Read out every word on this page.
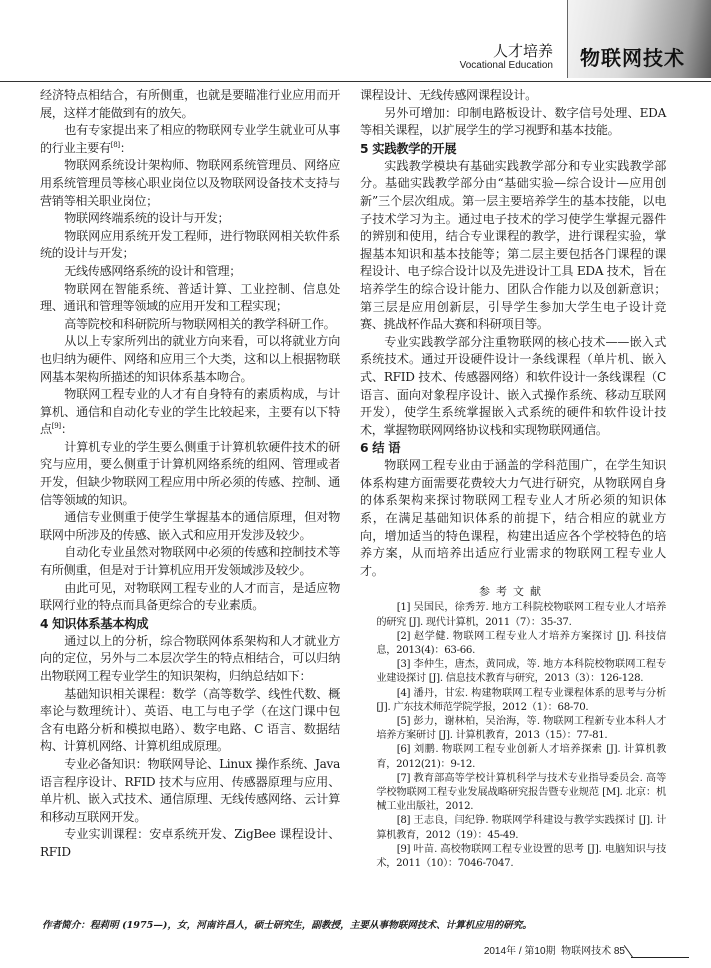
物联网技术
人才培养
Vocational Education

经济特点相结合，有所侧重，也就是要瞄准行业应用而开展，这样才能做到有的放矢。

也有专家提出来了相应的物联网专业学生就业可从事的行业主要有[8]：

物联网系统设计架构师、物联网系统管理员、网络应用系统管理员等核心职业岗位以及物联网设备技术支持与营销等相关职业岗位；

物联网终端系统的设计与开发；

物联网应用系统开发工程师，进行物联网相关软件系统的设计与开发；

无线传感网络系统的设计和管理；

物联网在智能系统、普适计算、工业控制、信息处理、通讯和管理等领域的应用开发和工程实现；

高等院校和科研院所与物联网相关的教学科研工作。

从以上专家所列出的就业方向来看，可以将就业方向也归纳为硬件、网络和应用三个大类，这和以上根据物联网基本架构所描述的知识体系基本吻合。

物联网工程专业的人才有自身特有的素质构成，与计算机、通信和自动化专业的学生比较起来，主要有以下特点[9]：

计算机专业的学生要么侧重于计算机软硬件技术的研究与应用，要么侧重于计算机网络系统的组网、管理或者开发，但缺少物联网工程应用中所必须的传感、控制、通信等领域的知识。

通信专业侧重于使学生掌握基本的通信原理，但对物联网中所涉及的传感、嵌入式和应用开发涉及较少。

自动化专业虽然对物联网中必须的传感和控制技术等有所侧重，但是对于计算机应用开发领域涉及较少。

由此可见，对物联网工程专业的人才而言，是适应物联网行业的特点而具备更综合的专业素质。

4 知识体系基本构成

通过以上的分析，综合物联网体系架构和人才就业方向的定位，另外与二本层次学生的特点相结合，可以归纳出物联网工程专业学生的知识架构，归纳总结如下：

基础知识相关课程：数学（高等数学、线性代数、概率论与数理统计）、英语、电工与电子学（在这门课中包含有电路分析和模拟电路）、数字电路、C 语言、数据结构、计算机网络、计算机组成原理。

专业必备知识：物联网导论、Linux 操作系统、Java 语言程序设计、RFID 技术与应用、传感器原理与应用、单片机、嵌入式技术、通信原理、无线传感网络、云计算和移动互联网开发。

专业实训课程：安卓系统开发、ZigBee 课程设计、RFID

课程设计、无线传感网课程设计。

另外可增加：印制电路板设计、数字信号处理、EDA 等相关课程，以扩展学生的学习视野和基本技能。

5 实践教学的开展

实践教学模块有基础实践教学部分和专业实践教学部分。基础实践教学部分由“基础实验—综合设计—应用创新”三个层次组成。第一层主要培养学生的基本技能，以电子技术学习为主。通过电子技术的学习使学生掌握元器件的辨别和使用，结合专业课程的教学，进行课程实验，掌握基本知识和基本技能等；第二层主要包括各门课程的课程设计、电子综合设计以及先进设计工具 EDA 技术，旨在培养学生的综合设计能力、团队合作能力以及创新意识；第三层是应用创新层，引导学生参加大学生电子设计竞赛、挑战杯作品大赛和科研项目等。

专业实践教学部分注重物联网的核心技术——嵌入式系统技术。通过开设硬件设计一条线课程（单片机、嵌入式、RFID 技术、传感器网络）和软件设计一条线课程（C 语言、面向对象程序设计、嵌入式操作系统、移动互联网开发），使学生系统掌握嵌入式系统的硬件和软件设计技术，掌握物联网网络协议栈和实现物联网通信。

6 结 语

物联网工程专业由于涵盖的学科范围广，在学生知识体系构建方面需要花费较大力气进行研究，从物联网自身的体系架构来探讨物联网工程专业人才所必须的知识体系，在满足基础知识体系的前提下，结合相应的就业方向，增加适当的特色课程，构建出适应各个学校特色的培养方案，从而培养出适应行业需求的物联网工程专业人才。

参考文献

[1] 吴国民，徐秀芳. 地方工科院校物联网工程专业人才培养的研究 [J]. 现代计算机，2011（7）：35-37.

[2] 赵学健. 物联网工程专业人才培养方案探讨 [J]. 科技信息，2013(4)：63-66.

[3] 李仲生，唐杰，黄同成，等. 地方本科院校物联网工程专业建设探讨 [J]. 信息技术教育与研究，2013（3）：126-128.

[4] 潘丹，甘宏. 构建物联网工程专业课程体系的思考与分析 [J]. 广东技术师范学院学报，2012（1）：68-70.

[5] 彭力，谢林柏，吴治海，等. 物联网工程新专业本科人才培养方案研讨 [J]. 计算机教育，2013（15）：77-81.

[6] 刘鹏. 物联网工程专业创新人才培养探索 [J]. 计算机教育，2012(21)：9-12.

[7] 教育部高等学校计算机科学与技术专业指导委员会. 高等学校物联网工程专业发展战略研究报告暨专业规范 [M]. 北京：机械工业出版社，2012.

[8] 王志良，闫纪铮. 物联网学科建设与教学实践探讨 [J]. 计算机教育，2012（19）：45-49.

[9] 叶苗. 高校物联网工程专业设置的思考 [J]. 电脑知识与技术，2011（10）：7046-7047.

作者简介：程莉明 (1975—)，女，河南许昌人，硕士研究生，副教授，主要从事物联网技术、计算机应用的研究。
2014年 / 第10期 物联网技术 85
